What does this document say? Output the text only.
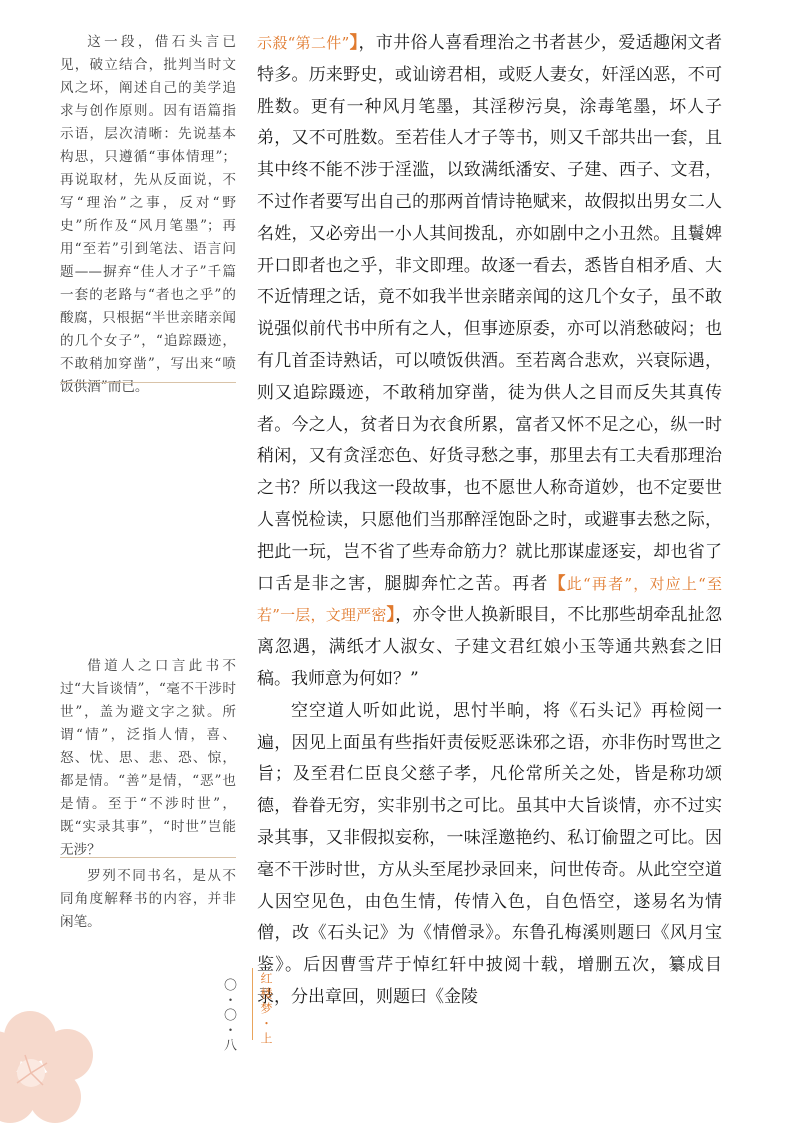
这一段，借石头言已见，破立结合，批判当时文风之坏，阐述自己的美学追求与创作原则。因有语篇指示语，层次清晰：先说基本构思，只遵循“事体情理”；再说取材，先从反面说，不写“理治”之事，反对“野史”所作及“风月笔墨”；再用“至若”引到笔法、语言问题——摒弃“佳人才子”千篇一套的老路与“者也之乎”的酸腐，只根据“半世亲睹亲闻的几个女子”，“追踪蹑迹，不敢稍加穿凿”，写出来“喷饭供酒”而已。

借道人之口言此书不过“大旨谈情”，“毫不干涉时世”，盖为避文字之狱。所谓“情”，泛指人情，喜、怒、忧、思、悲、恐、惊，都是情。“善”是情，“恶”也是情。至于“不涉时世”，既“实录其事”，“时世”岂能无涉？

罗列不同书名，是从不同角度解释书的内容，并非闲笔。

示殺“第二件”】，市井俗人喜看理治之书者甚少，爱适趣闲文者特多。历来野史，或讪谤君相，或贬人妻女，奸淫凶恶，不可胜数。更有一种风月笔墨，其淫秽污臭，涂毒笔墨，坏人子弟，又不可胜数。至若佳人才子等书，则又千部共出一套，且其中终不能不涉于淫滥，以致满纸潘安、子建、西子、文君，不过作者要写出自己的那两首情诗艳赋来，故假拟出男女二人名姓，又必旁出一小人其间拨乱，亦如剧中之小丑然。且鬟婢开口即者也之乎，非文即理。故逐一看去，悉皆自相矛盾、大不近情理之话，竟不如我半世亲睹亲闻的这几个女子，虽不敢说强似前代书中所有之人，但事迹原委，亦可以消愁破闷；也有几首歪诗熟话，可以喷饭供酒。至若离合悲欢，兴衰际遇，则又追踪蹑迹，不敢稍加穿凿，徒为供人之目而反失其真传者。今之人，贫者日为衣食所累，富者又怀不足之心，纵一时稍闲，又有贪淫恋色、好货寻愁之事，那里去有工夫看那理治之书？所以我这一段故事，也不愿世人称奇道妙，也不定要世人喜悦检读，只愿他们当那醉淫饱卧之时，或避事去愁之际，把此一玩，岂不省了些寿命筋力？就比那谋虚逐妄，却也省了口舌是非之害，腿脚奔忙之苦。再者【此“再者”，对应上“至若”一层，文理严密】，亦令世人换新眼目，不比那些胡牵乱扯忽离忽遇，满纸才人淑女、子建文君红娘小玉等通共熟套之旧稿。我师意为何如？”

空空道人听如此说，思忖半晌，将《石头记》再检阅一遍，因见上面虽有些指奸责佞贬恶诛邪之语，亦非伤时骂世之旨；及至君仁臣良父慈子孝，凡伦常所关之处，皆是称功颂德，眷眷无穷，实非别书之可比。虽其中大旨谈情，亦不过实录其事，又非假拟妄称，一味淫邀艳约、私订偷盟之可比。因毫不干涉时世，方从头至尾抄录回来，问世传奇。从此空空道人因空见色，由色生情，传情入色，自色悟空，遂易名为情僧，改《石头记》为《情僧录》。东鲁孔梅溪则题曰《风月宝鉴》。后因曹雪芹于悼红轩中披阅十载，增删五次，纂成目录，分出章回，则题曰《金陵

〇・〇・八 红楼梦・上
